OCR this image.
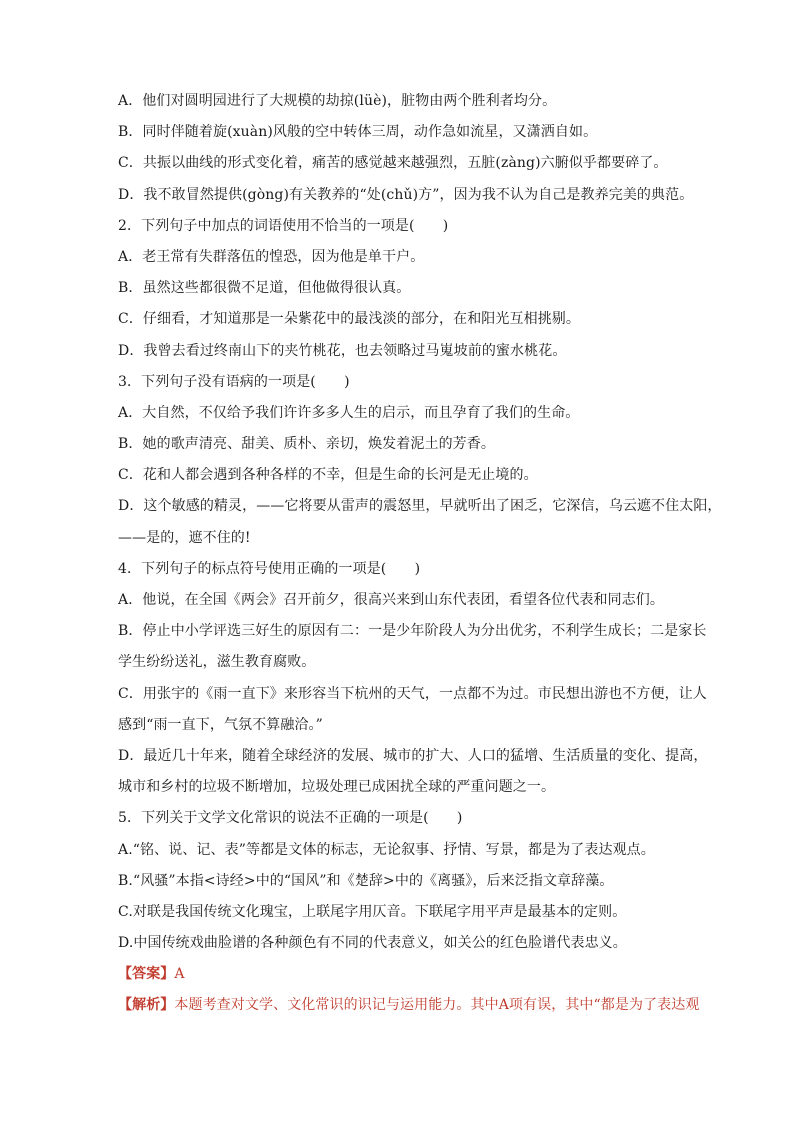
A．他们对圆明园进行了大规模的劫掠(lüè)，脏物由两个胜利者均分。
B．同时伴随着旋(xuàn)风般的空中转体三周，动作急如流星，又潇洒自如。
C．共振以曲线的形式变化着，痛苦的感觉越来越强烈，五脏(zàng)六腑似乎都要碎了。
D．我不敢冒然提供(gòng)有关教养的“处(chǔ)方”，因为我不认为自己是教养完美的典范。
2．下列句子中加点的词语使用不恰当的一项是(　　)
A．老王常有失群落伍的惶恐，因为他是单干户。
B．虽然这些都很微不足道，但他做得很认真。
C．仔细看，才知道那是一朵紫花中的最浅淡的部分，在和阳光互相挑剔。
D．我曾去看过终南山下的夹竹桃花，也去领略过马嵬坡前的蜜水桃花。
3．下列句子没有语病的一项是(　　)
A．大自然，不仅给予我们许许多多人生的启示，而且孕育了我们的生命。
B．她的歌声清亮、甜美、质朴、亲切，焕发着泥土的芳香。
C．花和人都会遇到各种各样的不幸，但是生命的长河是无止境的。
D．这个敏感的精灵，——它将要从雷声的震怒里，早就听出了困乏，它深信，乌云遮不住太阳，
——是的，遮不住的!
4．下列句子的标点符号使用正确的一项是(　　)
A．他说，在全国《两会》召开前夕，很高兴来到山东代表团，看望各位代表和同志们。
B．停止中小学评选三好生的原因有二：一是少年阶段人为分出优劣，不利学生成长；二是家长
学生纷纷送礼，滋生教育腐败。
C．用张宇的《雨一直下》来形容当下杭州的天气，一点都不为过。市民想出游也不方便，让人
感到“雨一直下，气氛不算融洽。”
D．最近几十年来，随着全球经济的发展、城市的扩大、人口的猛增、生活质量的变化、提高，
城市和乡村的垃圾不断增加，垃圾处理已成困扰全球的严重问题之一。
5．下列关于文学文化常识的说法不正确的一项是(　　)
A.“铭、说、记、表”等都是文体的标志，无论叙事、抒情、写景，都是为了表达观点。
B.“风骚”本指<诗经>中的“国风”和《楚辞>中的《离骚》，后来泛指文章辞藻。
C.对联是我国传统文化瑰宝，上联尾字用仄音。下联尾字用平声是最基本的定则。
D.中国传统戏曲脸谱的各种颜色有不同的代表意义，如关公的红色脸谱代表忠义。
【答案】A
【解析】本题考查对文学、文化常识的识记与运用能力。其中A项有误，其中“都是为了表达观
